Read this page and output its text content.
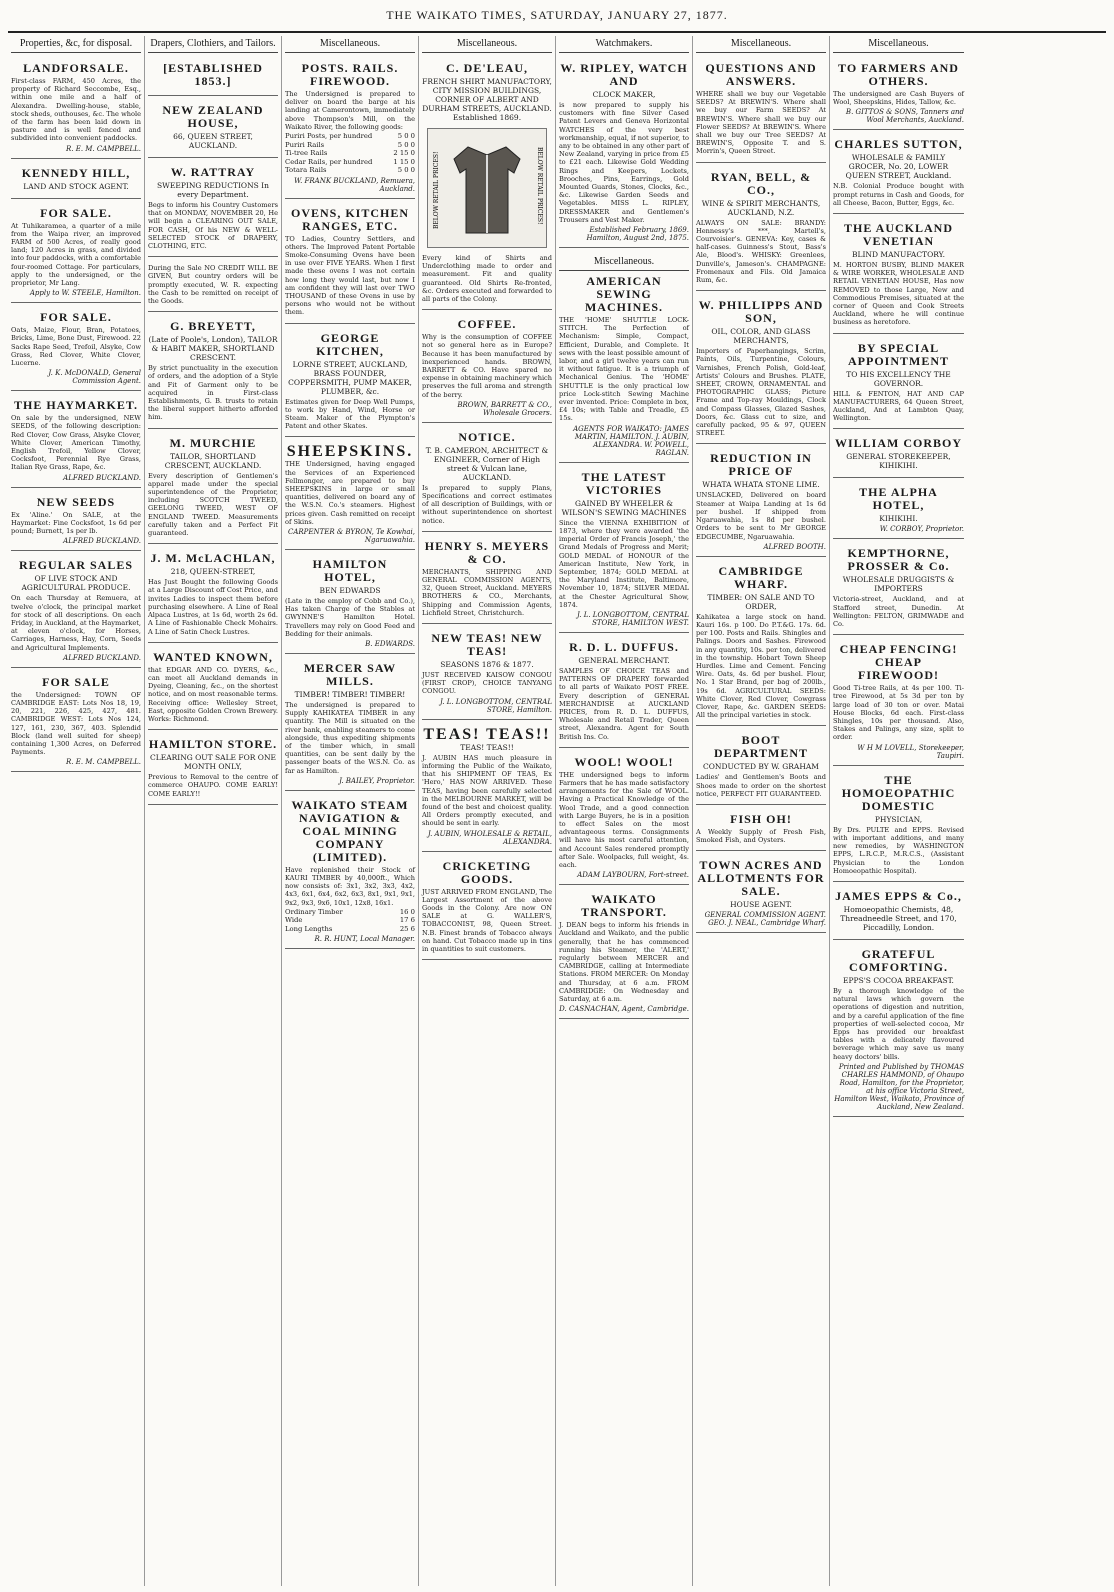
THE WAIKATO TIMES, SATURDAY, JANUARY 27, 1877.
Properties, &c, for disposal.
LANDFORSALE.
First-class FARM, 450 Acres, the property of Richard Seccombe, Esq., within one mile and a half of Alexandra. Dwelling-house, stable, stock sheds, outhouses, &c. The whole of the farm has been laid down in pasture and is well fenced and subdivided into convenient paddocks.
R. E. M. CAMPBELL.
KENNEDY HILL,
LAND AND STOCK AGENT.
FOR SALE.
At Tuhikaramea, a quarter of a mile from the Waipa river, an improved FARM of 500 Acres, of really good land; 120 Acres in grass, and divided into four paddocks, with a comfortable four-roomed Cottage. For particulars, apply to the undersigned, or the proprietor, Mr Lang.
Apply to W. STEELE, Hamilton.
FOR SALE.
Oats, Maize, Flour, Bran, Potatoes, Bricks, Lime, Bone Dust, Firewood. 22 Sacks Rape Seed, Trefoil, Alsyke, Cow Grass, Red Clover, White Clover, Lucerne.
J. K. McDONALD, General Commission Agent.
THE HAYMARKET.
On sale by the undersigned, NEW SEEDS, of the following description: Red Clover, Cow Grass, Alsyke Clover, White Clover, American Timothy, English Trefoil, Yellow Clover, Cocksfoot, Perennial Rye Grass, Italian Rye Grass, Rape, &c.
ALFRED BUCKLAND.
NEW SEEDS
Ex 'Aline.' On SALE, at the Haymarket: Fine Cocksfoot, 1s 6d per pound; Burnett, 1s per lb.
ALFRED BUCKLAND.
REGULAR SALES
OF LIVE STOCK AND AGRICULTURAL PRODUCE.
On each Thursday at Remuera, at twelve o'clock, the principal market for stock of all descriptions. On each Friday, in Auckland, at the Haymarket, at eleven o'clock, for Horses, Carriages, Harness, Hay, Corn, Seeds and Agricultural Implements.
ALFRED BUCKLAND.
FOR SALE
the Undersigned: TOWN OF CAMBRIDGE EAST: Lots Nos 18, 19, 20, 221, 226, 425, 427, 481. CAMBRIDGE WEST: Lots Nos 124, 127, 161, 230, 367, 403. Splendid Block (land well suited for sheep) containing 1,300 Acres, on Deferred Payments.
R. E. M. CAMPBELL.
Drapers, Clothiers, and Tailors.
[ESTABLISHED 1853.]
NEW ZEALAND HOUSE,
66, QUEEN STREET, AUCKLAND.
W. RATTRAY
SWEEPING REDUCTIONS In every Department.
Begs to inform his Country Customers that on MONDAY, NOVEMBER 20, He will begin a CLEARING OUT SALE, FOR CASH, Of his NEW & WELL-SELECTED STOCK of DRAPERY, CLOTHING, ETC.
During the Sale NO CREDIT WILL BE GIVEN, But country orders will be promptly executed, W. R. expecting the Cash to be remitted on receipt of the Goods.
G. BREYETT,
(Late of Poole's, London), TAILOR & HABIT MAKER, SHORTLAND CRESCENT.
By strict punctuality in the execution of orders, and the adoption of a Style and Fit of Garment only to be acquired in First-class Establishments, G. B. trusts to retain the liberal support hitherto afforded him.
M. MURCHIE
TAILOR, SHORTLAND CRESCENT, AUCKLAND.
Every description of Gentlemen's apparel made under the special superintendence of the Proprietor, including SCOTCH TWEED, GEELONG TWEED, WEST OF ENGLAND TWEED. Measurements carefully taken and a Perfect Fit guaranteed.
J. M. McLACHLAN,
218, QUEEN-STREET,
Has Just Bought the following Goods at a Large Discount off Cost Price, and invites Ladies to inspect them before purchasing elsewhere. A Line of Real Alpaca Lustres, at 1s 6d, worth 2s 6d. A Line of Fashionable Check Mohairs. A Line of Satin Check Lustres.
WANTED KNOWN,
that EDGAR AND CO. DYERS, &c., can meet all Auckland demands in Dyeing, Cleaning, &c., on the shortest notice, and on most reasonable terms. Receiving office: Wellesley Street, East, opposite Golden Crown Brewery. Works: Richmond.
HAMILTON STORE.
CLEARING OUT SALE FOR ONE MONTH ONLY,
Previous to Removal to the centre of commerce OHAUPO. COME EARLY! COME EARLY!!
Miscellaneous.
POSTS. RAILS. FIREWOOD.
The Undersigned is prepared to deliver on board the barge at his landing at Camerontown, immediately above Thompson's Mill, on the Waikato River, the following goods:
Puriri Posts, per hundred	5 0 0
Puriri Rails	5 0 0
Ti-tree Rails	2 15 0
Cedar Rails, per hundred	1 15 0
Totara Rails	5 0 0
W. FRANK BUCKLAND, Remuera, Auckland.
OVENS, KITCHEN RANGES, ETC.
TO Ladies, Country Settlers, and others. The Improved Patent Portable Smoke-Consuming Ovens have been in use over FIVE YEARS. When I first made these ovens I was not certain how long they would last, but now I am confident they will last over TWO THOUSAND of these Ovens in use by persons who would not be without them.
GEORGE KITCHEN,
LORNE STREET, AUCKLAND, BRASS FOUNDER, COPPERSMITH, PUMP MAKER, PLUMBER, &c.
Estimates given for Deep Well Pumps, to work by Hand, Wind, Horse or Steam. Maker of the Plympton's Patent and other Skates.
SHEEPSKINS.
THE Undersigned, having engaged the Services of an Experienced Fellmonger, are prepared to buy SHEEPSKINS in large or small quantities, delivered on board any of the W.S.N. Co.'s steamers. Highest prices given. Cash remitted on receipt of Skins.
CARPENTER & BYRON, Te Kowhai, Ngaruawahia.
HAMILTON HOTEL,
BEN EDWARDS
(Late in the employ of Cobb and Co.), Has taken Charge of the Stables at GWYNNE'S Hamilton Hotel. Travellers may rely on Good Feed and Bedding for their animals.
B. EDWARDS.
MERCER SAW MILLS.
TIMBER! TIMBER! TIMBER!
The undersigned is prepared to Supply KAHIKATEA TIMBER in any quantity. The Mill is situated on the river bank, enabling steamers to come alongside, thus expediting shipments of the timber which, in small quantities, can be sent daily by the passenger boats of the W.S.N. Co. as far as Hamilton.
J. BAILEY, Proprietor.
WAIKATO STEAM NAVIGATION & COAL MINING COMPANY (LIMITED).
Have replenished their Stock of KAURI TIMBER by 40,000ft., Which now consists of: 3x1, 3x2, 3x3, 4x2, 4x3, 6x1, 6x4, 6x2, 6x3, 8x1, 9x1, 9x1, 9x2, 9x3, 9x6, 10x1, 12x8, 16x1.
Ordinary Timber	16 0
Wide	17 6
Long Lengths	25 6
R. R. HUNT, Local Manager.
Miscellaneous.
C. DE'LEAU,
FRENCH SHIRT MANUFACTORY, CITY MISSION BUILDINGS, CORNER OF ALBERT AND DURHAM STREETS, AUCKLAND. Established 1869.
BELOW RETAIL PRICES!	BELOW RETAIL PRICES!
Every kind of Shirts and Underclothing made to order and measurement. Fit and quality guaranteed. Old Shirts Re-fronted, &c. Orders executed and forwarded to all parts of the Colony.
COFFEE.
Why is the consumption of COFFEE not so general here as in Europe? Because it has been manufactured by inexperienced hands. BROWN, BARRETT & CO. Have spared no expense in obtaining machinery which preserves the full aroma and strength of the berry.
BROWN, BARRETT & CO., Wholesale Grocers.
NOTICE.
T. B. CAMERON, ARCHITECT & ENGINEER, Corner of High street & Vulcan lane, AUCKLAND.
Is prepared to supply Plans, Specifications and correct estimates of all description of Buildings, with or without superintendence on shortest notice.
HENRY S. MEYERS & CO.
MERCHANTS, SHIPPING AND GENERAL COMMISSION AGENTS, 32, Queen Street, Auckland. MEYERS BROTHERS & CO., Merchants, Shipping and Commission Agents, Lichfield Street, Christchurch.
NEW TEAS! NEW TEAS!
SEASONS 1876 & 1877.
JUST RECEIVED KAISOW CONGOU (FIRST CROP), CHOICE TANYANG CONGOU.
J. L. LONGBOTTOM, CENTRAL STORE, Hamilton.
TEAS! TEAS!!
TEAS! TEAS!!
J. AUBIN HAS much pleasure in informing the Public of the Waikato, that his SHIPMENT OF TEAS, Ex 'Hero,' HAS NOW ARRIVED. These TEAS, having been carefully selected in the MELBOURNE MARKET, will be found of the best and choicest quality. All Orders promptly executed, and should be sent in early.
J. AUBIN, WHOLESALE & RETAIL, ALEXANDRA.
CRICKETING GOODS.
JUST ARRIVED FROM ENGLAND, The Largest Assortment of the above Goods in the Colony. Are now ON SALE at G. WALLER'S, TOBACCONIST, 98, Queen Street. N.B. Finest brands of Tobacco always on hand. Cut Tobacco made up in tins in quantities to suit customers.
Watchmakers.
W. RIPLEY, WATCH AND
CLOCK MAKER,
is now prepared to supply his customers with fine Silver Cased Patent Levers and Geneva Horizontal WATCHES of the very best workmanship, equal, if not superior, to any to be obtained in any other part of New Zealand, varying in price from £5 to £21 each. Likewise Gold Wedding Rings and Keepers, Lockets, Brooches, Pins, Earrings, Gold Mounted Guards, Stones, Clocks, &c., &c. Likewise Garden Seeds and Vegetables. MISS L. RIPLEY, DRESSMAKER and Gentlemen's Trousers and Vest Maker.
Established February, 1869. Hamilton, August 2nd, 1875.
Miscellaneous.
AMERICAN SEWING MACHINES.
THE 'HOME' SHUTTLE LOCK-STITCH. The Perfection of Mechanism: Simple, Compact, Efficient, Durable, and Complete. It sews with the least possible amount of labor, and a girl twelve years can run it without fatigue. It is a triumph of Mechanical Genius. The 'HOME' SHUTTLE is the only practical low price Lock-stitch Sewing Machine ever invented. Price: Complete in box, £4 10s; with Table and Treadle, £5 15s.
AGENTS FOR WAIKATO: JAMES MARTIN, HAMILTON. J. AUBIN, ALEXANDRA. W. POWELL, RAGLAN.
THE LATEST VICTORIES
GAINED BY WHEELER & WILSON'S SEWING MACHINES
Since the VIENNA EXHIBITION of 1873, where they were awarded 'the imperial Order of Francis Joseph,' the Grand Medals of Progress and Merit; GOLD MEDAL of HONOUR of the American Institute, New York, in September, 1874; GOLD MEDAL at the Maryland Institute, Baltimore, November 10, 1874; SILVER MEDAL at the Chester Agricultural Show, 1874.
J. L. LONGBOTTOM, CENTRAL STORE, HAMILTON WEST.
R. D. L. DUFFUS.
GENERAL MERCHANT.
SAMPLES OF CHOICE TEAS and PATTERNS OF DRAPERY forwarded to all parts of Waikato POST FREE. Every description of GENERAL MERCHANDISE at AUCKLAND PRICES, from R. D. L. DUFFUS, Wholesale and Retail Trader, Queen street, Alexandra. Agent for South British Ins. Co.
WOOL! WOOL!
THE undersigned begs to inform Farmers that he has made satisfactory arrangements for the Sale of WOOL. Having a Practical Knowledge of the Wool Trade, and a good connection with Large Buyers, he is in a position to effect Sales on the most advantageous terms. Consignments will have his most careful attention, and Account Sales rendered promptly after Sale. Woolpacks, full weight, 4s. each.
ADAM LAYBOURN, Fort-street.
WAIKATO TRANSPORT.
J. DEAN begs to inform his friends in Auckland and Waikato, and the public generally, that he has commenced running his Steamer, the 'ALERT,' regularly between MERCER and CAMBRIDGE, calling at Intermediate Stations. FROM MERCER: On Monday and Thursday, at 6 a.m. FROM CAMBRIDGE: On Wednesday and Saturday, at 6 a.m.
D. CASNACHAN, Agent, Cambridge.
Miscellaneous.
QUESTIONS AND ANSWERS.
WHERE shall we buy our Vegetable SEEDS? At BREWIN'S. Where shall we buy our Farm SEEDS? At BREWIN'S. Where shall we buy our Flower SEEDS? At BREWIN'S. Where shall we buy our Tree SEEDS? At BREWIN'S, Opposite T. and S. Morrin's, Queen Street.
RYAN, BELL, & CO.,
WINE & SPIRIT MERCHANTS, AUCKLAND, N.Z.
ALWAYS ON SALE: BRANDY: Hennessy's ***, Martell's, Courvoisier's. GENEVA: Key, cases & half-cases. Guinness's Stout, Bass's Ale, Blood's. WHISKY: Greenlees, Dunville's, Jameson's. CHAMPAGNE: Fromenaux and Fils. Old Jamaica Rum, &c.
W. PHILLIPPS AND SON,
OIL, COLOR, AND GLASS MERCHANTS,
Importers of Paperhangings, Scrim, Paints, Oils, Turpentine, Colours, Varnishes, French Polish, Gold-leaf, Artists' Colours and Brushes. PLATE, SHEET, CROWN, ORNAMENTAL and PHOTOGRAPHIC GLASS; Picture Frame and Top-ray Mouldings, Clock and Compass Glasses, Glazed Sashes, Doors, &c. Glass cut to size, and carefully packed, 95 & 97, QUEEN STREET.
REDUCTION IN PRICE OF
WHATA WHATA STONE LIME.
UNSLACKED, Delivered on board Steamer at Waipa Landing at 1s 6d per bushel. If shipped from Ngaruawahia, 1s 8d per bushel. Orders to be sent to Mr GEORGE EDGECUMBE, Ngaruawahia.
ALFRED BOOTH.
CAMBRIDGE WHARF.
TIMBER: ON SALE AND TO ORDER,
Kahikatea a large stock on hand. Kauri 16s. p 100. Do P.T.&G. 17s. 6d. per 100. Posts and Rails. Shingles and Palings. Doors and Sashes. Firewood in any quantity, 10s. per ton, delivered in the township. Hobart Town Sheep Hurdles. Lime and Cement. Fencing Wire. Oats, 4s. 6d per bushel. Flour, No. 1 Star Brand, per bag of 200lb., 19s 6d. AGRICULTURAL SEEDS: White Clover, Red Clover, Cowgrass Clover, Rape, &c. GARDEN SEEDS: All the principal varieties in stock.
BOOT DEPARTMENT
CONDUCTED BY W. GRAHAM
Ladies' and Gentlemen's Boots and Shoes made to order on the shortest notice, PERFECT FIT GUARANTEED.
FISH OH!
A Weekly Supply of Fresh Fish, Smoked Fish, and Oysters.
TOWN ACRES AND ALLOTMENTS FOR SALE.
HOUSE AGENT.
GENERAL COMMISSION AGENT. GEO. J. NEAL, Cambridge Wharf.
Miscellaneous.
TO FARMERS AND OTHERS.
The undersigned are Cash Buyers of Wool, Sheepskins, Hides, Tallow, &c.
B. GITTOS & SONS, Tanners and Wool Merchants, Auckland.
CHARLES SUTTON,
WHOLESALE & FAMILY GROCER, No. 20, LOWER QUEEN STREET, Auckland.
N.B. Colonial Produce bought with prompt returns in Cash and Goods, for all Cheese, Bacon, Butter, Eggs, &c.
THE AUCKLAND VENETIAN
BLIND MANUFACTORY.
M. HORTON BUSBY, BLIND MAKER & WIRE WORKER, WHOLESALE AND RETAIL VENETIAN HOUSE, Has now REMOVED to those Large, New and Commodious Premises, situated at the corner of Queen and Cook Streets Auckland, where he will continue business as heretofore.
BY SPECIAL APPOINTMENT
TO HIS EXCELLENCY THE GOVERNOR.
HILL & FENTON, HAT AND CAP MANUFACTURERS, 64 Queen Street, Auckland, And at Lambton Quay, Wellington.
WILLIAM CORBOY
GENERAL STOREKEEPER, KIHIKIHI.
THE ALPHA HOTEL,
KIHIKIHI.
W. CORBOY, Proprietor.
KEMPTHORNE, PROSSER & Co.
WHOLESALE DRUGGISTS & IMPORTERS
Victoria-street, Auckland, and at Stafford street, Dunedin. At Wellington: FELTON, GRIMWADE and Co.
CHEAP FENCING! CHEAP FIREWOOD!
Good Ti-tree Rails, at 4s per 100. Ti-tree Firewood, at 5s 3d per ton by large load of 30 ton or over. Matai House Blocks, 6d each. First-class Shingles, 10s per thousand. Also, Stakes and Palings, any size, split to order.
W H M LOVELL, Storekeeper, Taupiri.
THE HOMOEOPATHIC DOMESTIC
PHYSICIAN,
By Drs. PULTE and EPPS. Revised with important additions, and many new remedies, by WASHINGTON EPPS, L.R.C.P., M.R.C.S., (Assistant Physician to the London Homoeopathic Hospital).
JAMES EPPS & Co.,
Homoeopathic Chemists, 48, Threadneedle Street, and 170, Piccadilly, London.
GRATEFUL COMFORTING.
EPPS'S COCOA BREAKFAST.
By a thorough knowledge of the natural laws which govern the operations of digestion and nutrition, and by a careful application of the fine properties of well-selected cocoa, Mr Epps has provided our breakfast tables with a delicately flavoured beverage which may save us many heavy doctors' bills.
Printed and Published by THOMAS CHARLES HAMMOND, of Ohaupo Road, Hamilton, for the Proprietor, at his office Victoria Street, Hamilton West, Waikato, Province of Auckland, New Zealand.
